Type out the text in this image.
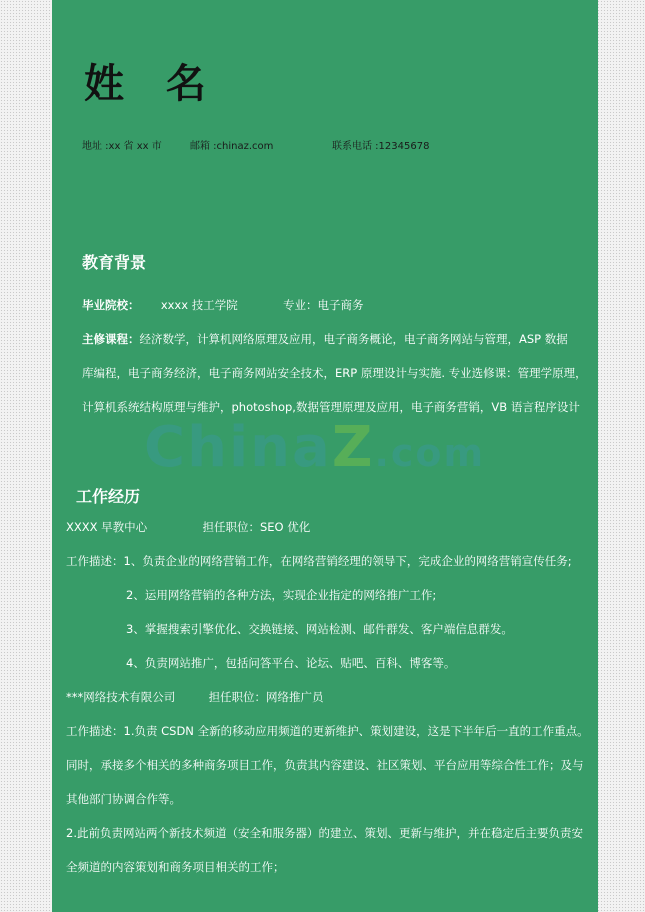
姓 名
地址 :xx 省 xx 市	邮箱 :chinaz.com	联系电话 :12345678
教育背景
毕业院校： xxxx 技工学院	专业：电子商务
主修课程：经济数学，计算机网络原理及应用，电子商务概论，电子商务网站与管理，ASP 数据
库编程，电子商务经济，电子商务网站安全技术，ERP 原理设计与实施. 专业选修课：管理学原理，
计算机系统结构原理与维护，photoshop,数据管理原理及应用，电子商务营销，VB 语言程序设计
ChinaZ.com
工作经历
XXXX 早教中心	担任职位：SEO 优化
工作描述：1、负责企业的网络营销工作，在网络营销经理的领导下，完成企业的网络营销宣传任务;
2、运用网络营销的各种方法，实现企业指定的网络推广工作;
3、掌握搜索引擎优化、交换链接、网站检测、邮件群发、客户端信息群发。
4、负责网站推广，包括问答平台、论坛、贴吧、百科、博客等。
***网络技术有限公司	担任职位：网络推广员
工作描述：1.负责 CSDN 全新的移动应用频道的更新维护、策划建设，这是下半年后一直的工作重点。
同时，承接多个相关的多种商务项目工作，负责其内容建设、社区策划、平台应用等综合性工作；及与
其他部门协调合作等。
2.此前负责网站两个新技术频道（安全和服务器）的建立、策划、更新与维护，并在稳定后主要负责安
全频道的内容策划和商务项目相关的工作；
